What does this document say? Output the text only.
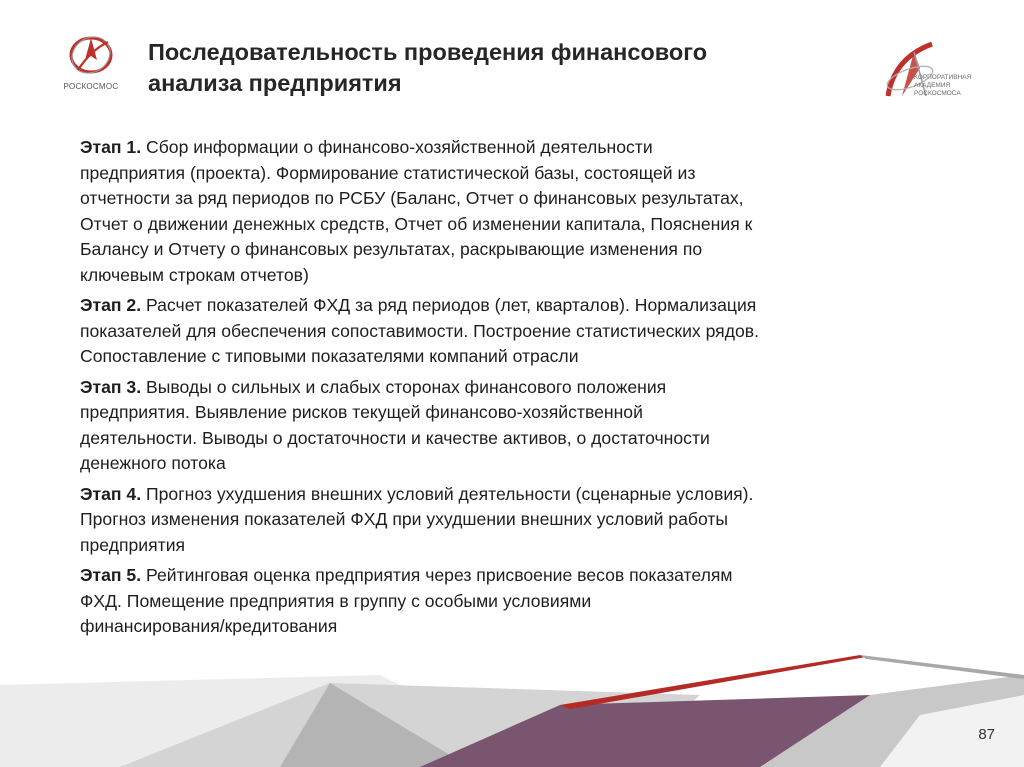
РОСКОСМОС
Последовательность проведения финансового
анализа предприятия	КОРПОРАТИВНАЯ
АКАДЕМИЯ
РОСКОСМОСА
Этап 1. Сбор информации о финансово-хозяйственной деятельности
предприятия (проекта). Формирование статистической базы, состоящей из
отчетности за ряд периодов по РСБУ (Баланс, Отчет о финансовых результатах,
Отчет о движении денежных средств, Отчет об изменении капитала, Пояснения к
Балансу и Отчету о финансовых результатах, раскрывающие изменения по
ключевым строкам отчетов)
Этап 2. Расчет показателей ФХД за ряд периодов (лет, кварталов). Нормализация
показателей для обеспечения сопоставимости. Построение статистических рядов.
Сопоставление с типовыми показателями компаний отрасли
Этап 3. Выводы о сильных и слабых сторонах финансового положения
предприятия. Выявление рисков текущей финансово-хозяйственной
деятельности. Выводы о достаточности и качестве активов, о достаточности
денежного потока
Этап 4. Прогноз ухудшения внешних условий деятельности (сценарные условия).
Прогноз изменения показателей ФХД при ухудшении внешних условий работы
предприятия
Этап 5. Рейтинговая оценка предприятия через присвоение весов показателям
ФХД. Помещение предприятия в группу с особыми условиями
финансирования/кредитования
87
